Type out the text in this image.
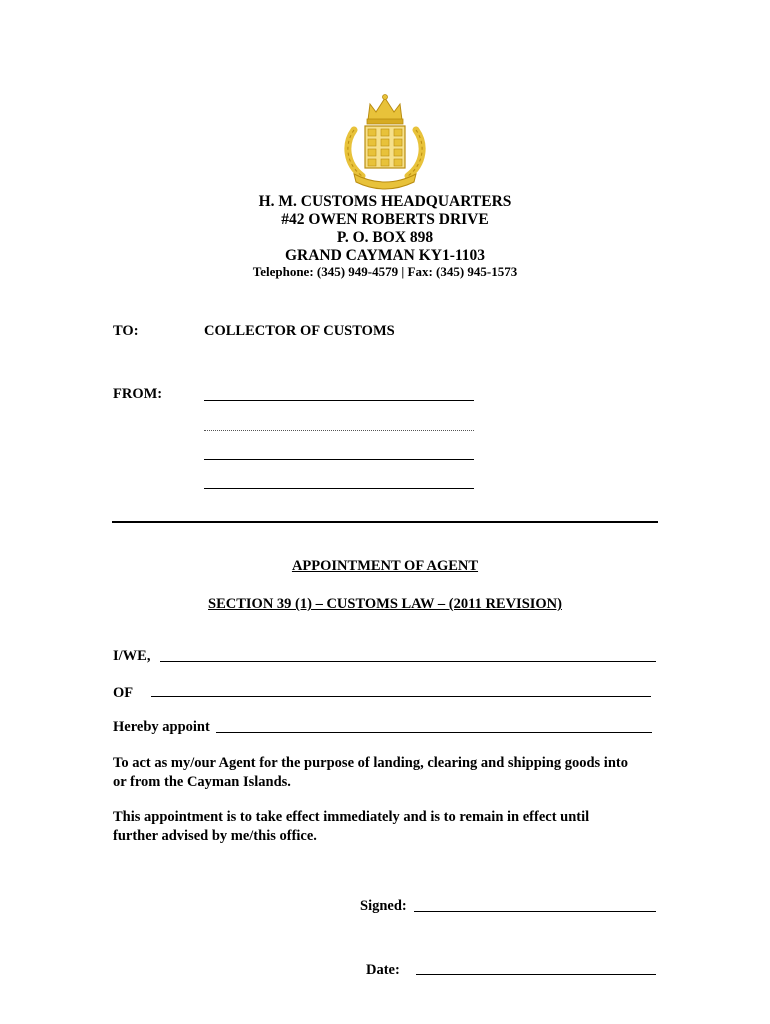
H. M. CUSTOMS HEADQUARTERS
#42 OWEN ROBERTS DRIVE
P. O. BOX 898
GRAND CAYMAN KY1-1103
Telephone: (345) 949-4579 | Fax: (345) 945-1573
TO:	COLLECTOR OF CUSTOMS
FROM:
APPOINTMENT OF AGENT
SECTION 39 (1) – CUSTOMS LAW – (2011 REVISION)
I/WE,
OF
Hereby appoint
To act as my/our Agent for the purpose of landing, clearing and shipping goods into
or from the Cayman Islands.
This appointment is to take effect immediately and is to remain in effect until
further advised by me/this office.
Signed:
Date:
